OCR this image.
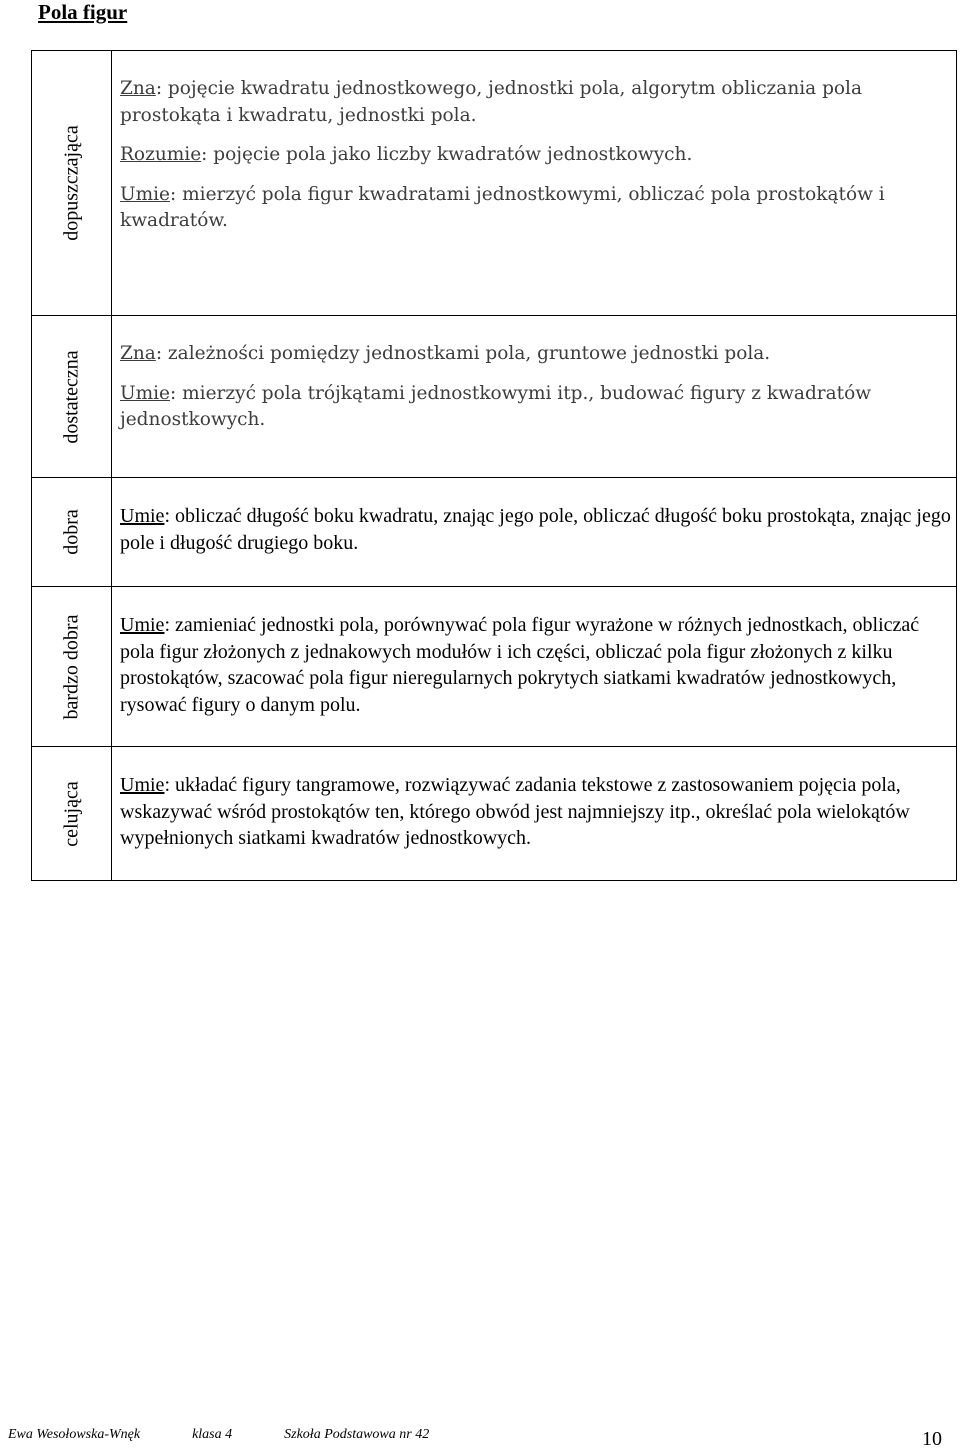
Pola figur
dopuszczająca	Zna: pojęcie kwadratu jednostkowego, jednostki pola, algorytm obliczania pola prostokąta i kwadratu, jednostki pola.

Rozumie: pojęcie pola jako liczby kwadratów jednostkowych.

Umie: mierzyć pola figur kwadratami jednostkowymi, obliczać pola prostokątów i kwadratów.

dostateczna	Zna: zależności pomiędzy jednostkami pola, gruntowe jednostki pola.

Umie: mierzyć pola trójkątami jednostkowymi itp., budować figury z kwadratów jednostkowych.

dobra	Umie: obliczać długość boku kwadratu, znając jego pole, obliczać długość boku prostokąta, znając jego pole i długość drugiego boku.

bardzo dobra	Umie: zamieniać jednostki pola, porównywać pola figur wyrażone w różnych jednostkach, obliczać pola figur złożonych z jednakowych modułów i ich części, obliczać pola figur złożonych z kilku prostokątów, szacować pola figur nieregularnych pokrytych siatkami kwadratów jednostkowych, rysować figury o danym polu.

celująca	Umie: układać figury tangramowe, rozwiązywać zadania tekstowe z zastosowaniem pojęcia pola, wskazywać wśród prostokątów ten, którego obwód jest najmniejszy itp., określać pola wielokątów wypełnionych siatkami kwadratów jednostkowych.

Ewa Wesołowska-Wnęk	klasa 4	Szkoła Podstawowa nr 42	10
